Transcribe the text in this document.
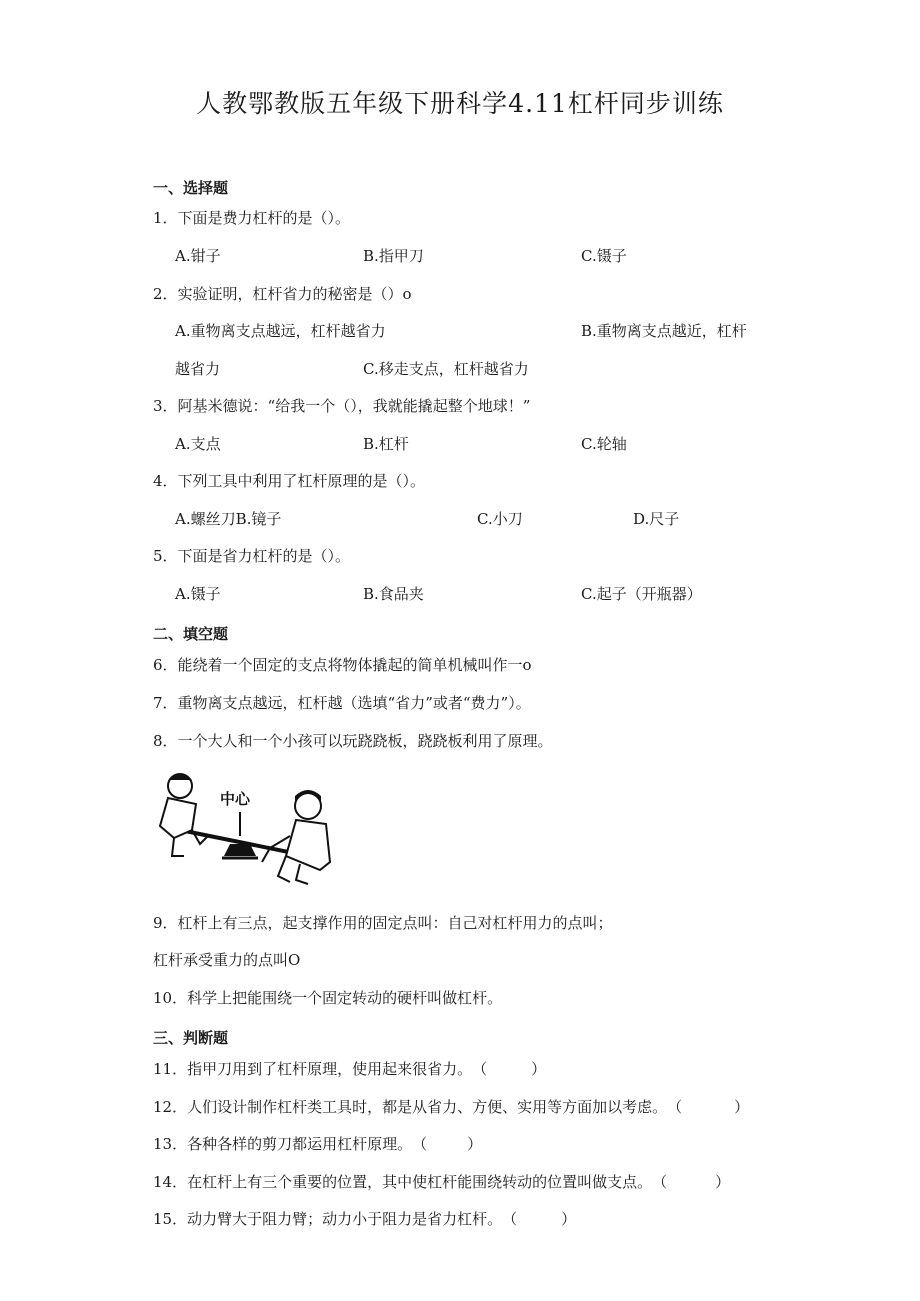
人教鄂教版五年级下册科学4.11杠杆同步训练
一、选择题
1．下面是费力杠杆的是（）。
A.钳子	B.指甲刀	C.镊子
2．实验证明，杠杆省力的秘密是（）o
A.重物离支点越远，杠杆越省力	B.重物离支点越近，杠杆
越省力	C.移走支点，杠杆越省力
3．阿基米德说：“给我一个（），我就能撬起整个地球！”
A.支点	B.杠杆	C.轮轴
4．下列工具中利用了杠杆原理的是（）。
A.螺丝刀B.镜子	C.小刀	D.尺子
5．下面是省力杠杆的是（）。
A.镊子	B.食品夹	C.起子（开瓶器）
二、填空题
6．能绕着一个固定的支点将物体撬起的简单机械叫作一o
7．重物离支点越远，杠杆越（选填“省力”或者“费力”）。
8．一个大人和一个小孩可以玩跷跷板，跷跷板利用了原理。
中心
9．杠杆上有三点，起支撑作用的固定点叫：自己对杠杆用力的点叫；
杠杆承受重力的点叫O
10．科学上把能围绕一个固定转动的硬杆叫做杠杆。
三、判断题
11．指甲刀用到了杠杆原理，使用起来很省力。（	）
12．人们设计制作杠杆类工具时，都是从省力、方便、实用等方面加以考虑。（	）
13．各种各样的剪刀都运用杠杆原理。（	）
14．在杠杆上有三个重要的位置，其中使杠杆能围绕转动的位置叫做支点。（	）
15．动力臂大于阻力臂；动力小于阻力是省力杠杆。（	）
